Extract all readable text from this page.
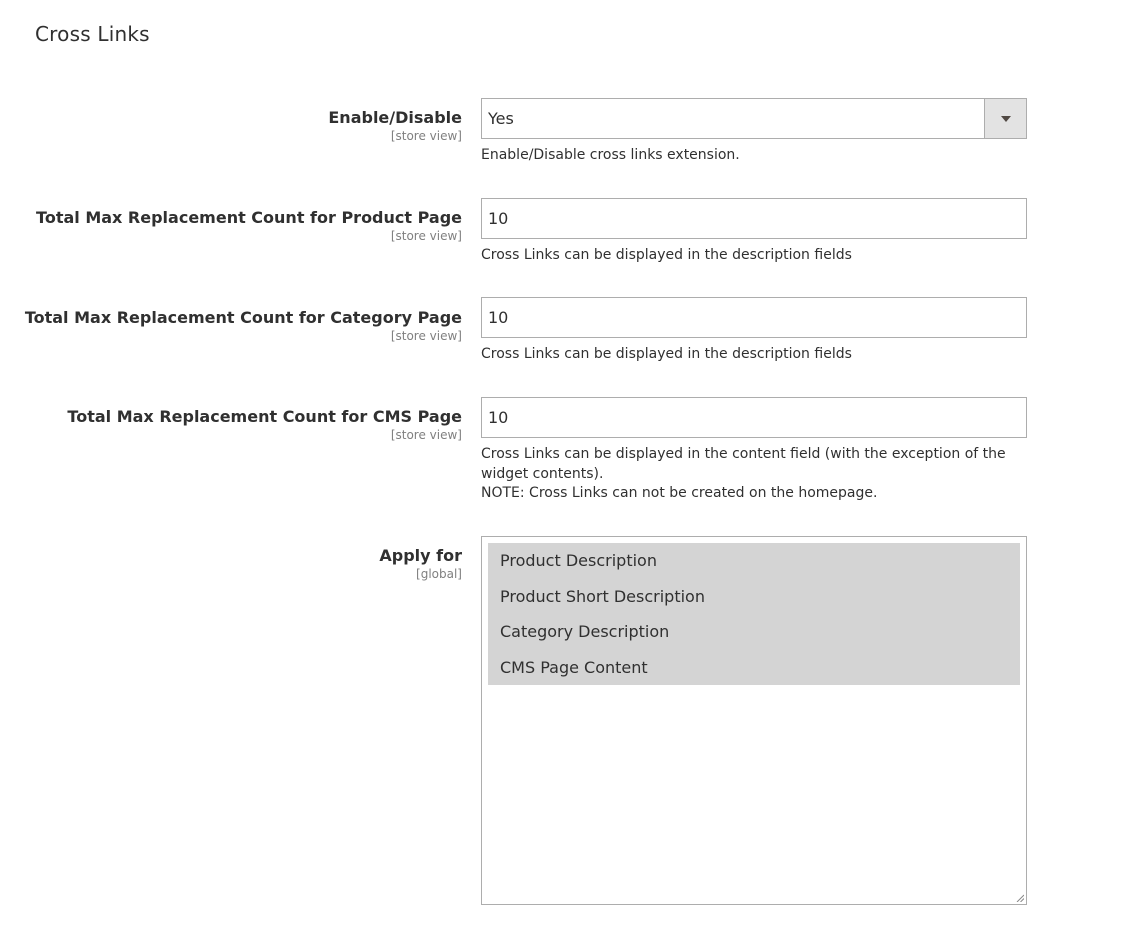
Cross Links
Enable/Disable
[store view]
Yes
Enable/Disable cross links extension.
Total Max Replacement Count for Product Page
[store view]
10
Cross Links can be displayed in the description fields
Total Max Replacement Count for Category Page
[store view]
10
Cross Links can be displayed in the description fields
Total Max Replacement Count for CMS Page
[store view]
10
Cross Links can be displayed in the content field (with the exception of the widget contents).
NOTE: Cross Links can not be created on the homepage.
Apply for
[global]
Product Description
Product Short Description
Category Description
CMS Page Content
